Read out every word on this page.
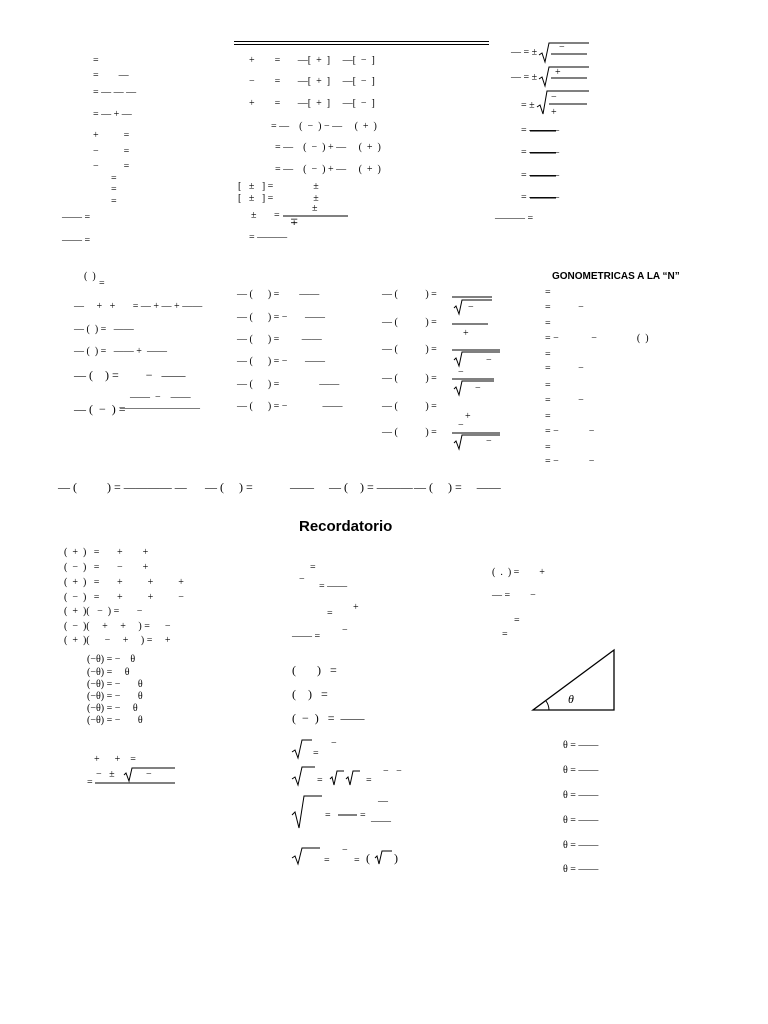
Recordatorio
GONOMETRICAS A LA “N”
=
=        —
= — — —
= — + —
+          =
−          =
−          =
=
=
=
—— =
—— =
+        =       —[  +  ]     —[  −  ]
−        =       —[  +  ]     —[  −  ]
+        =       —[  +  ]     —[  −  ]
= —    (  −  ) − —     (  +  )
= —    (  −  ) + —     (  +  )
= —    (  −  ) + —     (  +  )
[   ±   ] =                ±
[   ±   ] =                ±
±       =
±
∓
= ———
— = ± −
— = ± +
= ±
−
+
= ———
= ———
= ———
= ———
——— =
(  )
=
—     +   +       = — + — + ——
— (  ) =   ——
— (  ) =   —— +  ——
— (    ) =         −   ——
— (  −  ) =
——  −    ——
————————
— (      ) =        ——
— (      ) = −       ——
— (      ) =         ——
— (      ) = −       ——
— (      ) =                ——
— (      ) = −              ——
— (           ) =
−
— (           ) =
+
— (           ) =
−
— (           ) =
−
−
— (           ) =
— (           ) =
−
+
−
=
=           −
=
= −             −                (  )
=
=           −
=
=           −
=
= −            −
=
= −            −
— (          ) = ———— — — (     ) =	——     — (    ) = ——— — (     ) =     ——
(  +  )   =       +        +
(  −  )   =       −        +
(  +  )   =       +          +          +
(  −  )   =       +          +          −
(  +  )(   −  ) =       −
(  −  )(     +     +     ) =      −
(  +  )(      −     +     ) =     +
(−θ) = −    θ
(−θ) =     θ
(−θ) = −       θ
(−θ) = −       θ
(−θ) = −     θ
(−θ) = −       θ
+      +    =
−   ±
=
−
=
−
= ——
=
+
—— =
−
(       )   =
(    )   =
(  −  )   =  ——
=
−
=	=
−   −
=	=
—
——
=
−
= ( )
(  .  ) =        +
— =        −
=
=
θ
θ = ——
θ = ——
θ = ——
θ = ——
θ = ——
θ = ——
